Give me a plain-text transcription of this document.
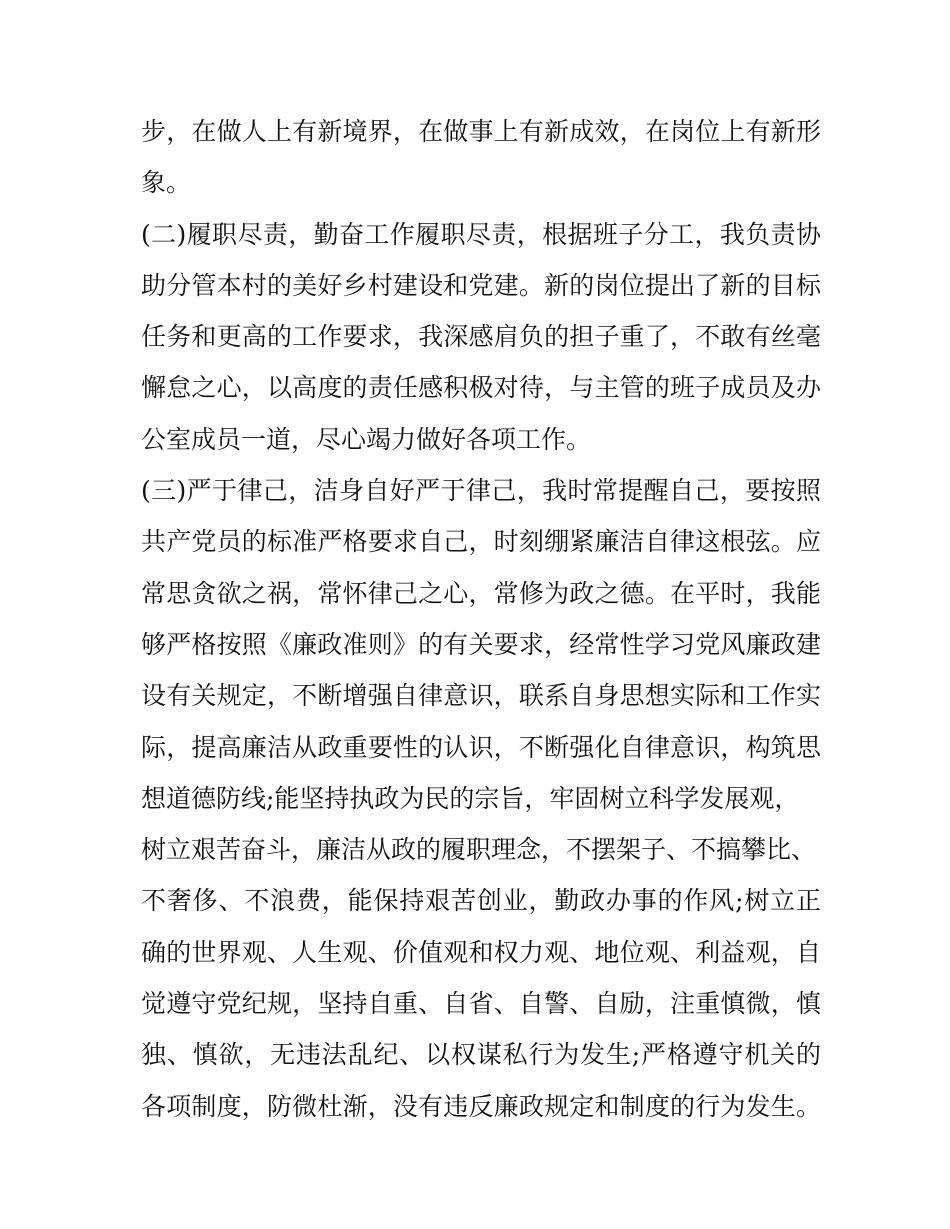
步，在做人上有新境界，在做事上有新成效，在岗位上有新形
象。
(二)履职尽责，勤奋工作履职尽责，根据班子分工，我负责协
助分管本村的美好乡村建设和党建。新的岗位提出了新的目标
任务和更高的工作要求，我深感肩负的担子重了，不敢有丝毫
懈怠之心，以高度的责任感积极对待，与主管的班子成员及办
公室成员一道，尽心竭力做好各项工作。
(三)严于律己，洁身自好严于律己，我时常提醒自己，要按照
共产党员的标准严格要求自己，时刻绷紧廉洁自律这根弦。应
常思贪欲之祸，常怀律己之心，常修为政之德。在平时，我能
够严格按照《廉政准则》的有关要求，经常性学习党风廉政建
设有关规定，不断增强自律意识，联系自身思想实际和工作实
际，提高廉洁从政重要性的认识，不断强化自律意识，构筑思
想道德防线;能坚持执政为民的宗旨，牢固树立科学发展观，
树立艰苦奋斗，廉洁从政的履职理念，不摆架子、不搞攀比、
不奢侈、不浪费，能保持艰苦创业，勤政办事的作风;树立正
确的世界观、人生观、价值观和权力观、地位观、利益观，自
觉遵守党纪规，坚持自重、自省、自警、自励，注重慎微，慎
独、慎欲，无违法乱纪、以权谋私行为发生;严格遵守机关的
各项制度，防微杜渐，没有违反廉政规定和制度的行为发生。
